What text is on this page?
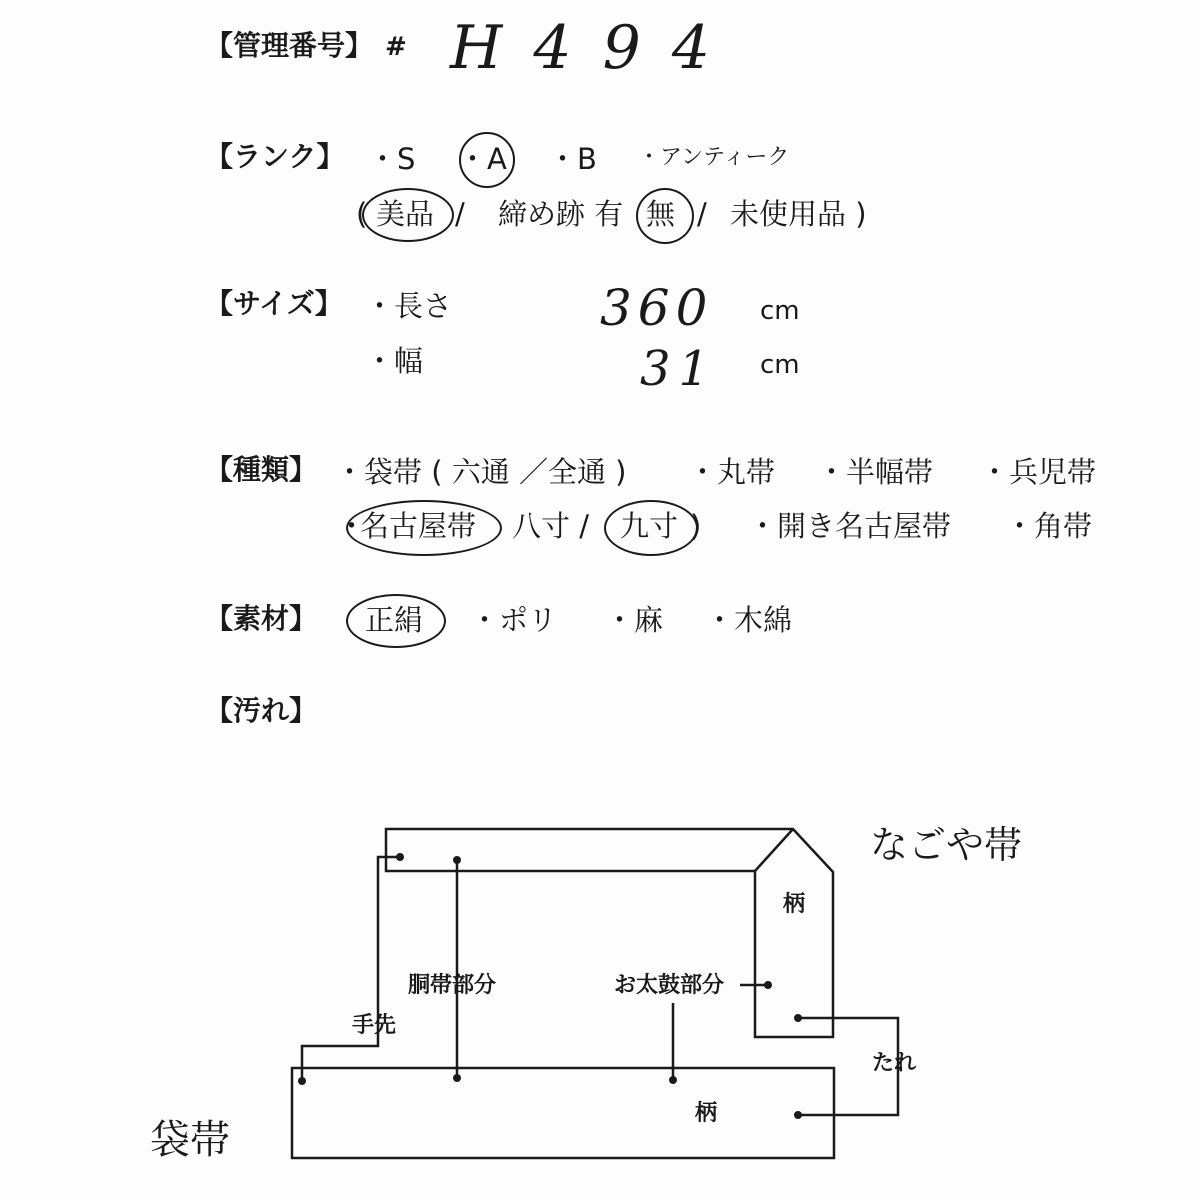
【管理番号】 # H 4 9 4
【ランク】 ・S ・A ・B ・アンティーク
( 美品 / 締め跡 有 無 / 未使用品 )
【サイズ】 ・長さ	360 cm
・幅	31 cm
【種類】 ・袋帯 ( 六通 ／全通 ) ・丸帯 ・半幅帯 ・兵児帯
・
名古屋帯 八寸 / 九寸 ) ・開き名古屋帯 ・角帯
【素材】 正絹 ・ポリ ・麻 ・木綿
【汚れ】
なごや帯
袋帯
柄
柄
胴帯部分	お太鼓部分
手先
たれ
